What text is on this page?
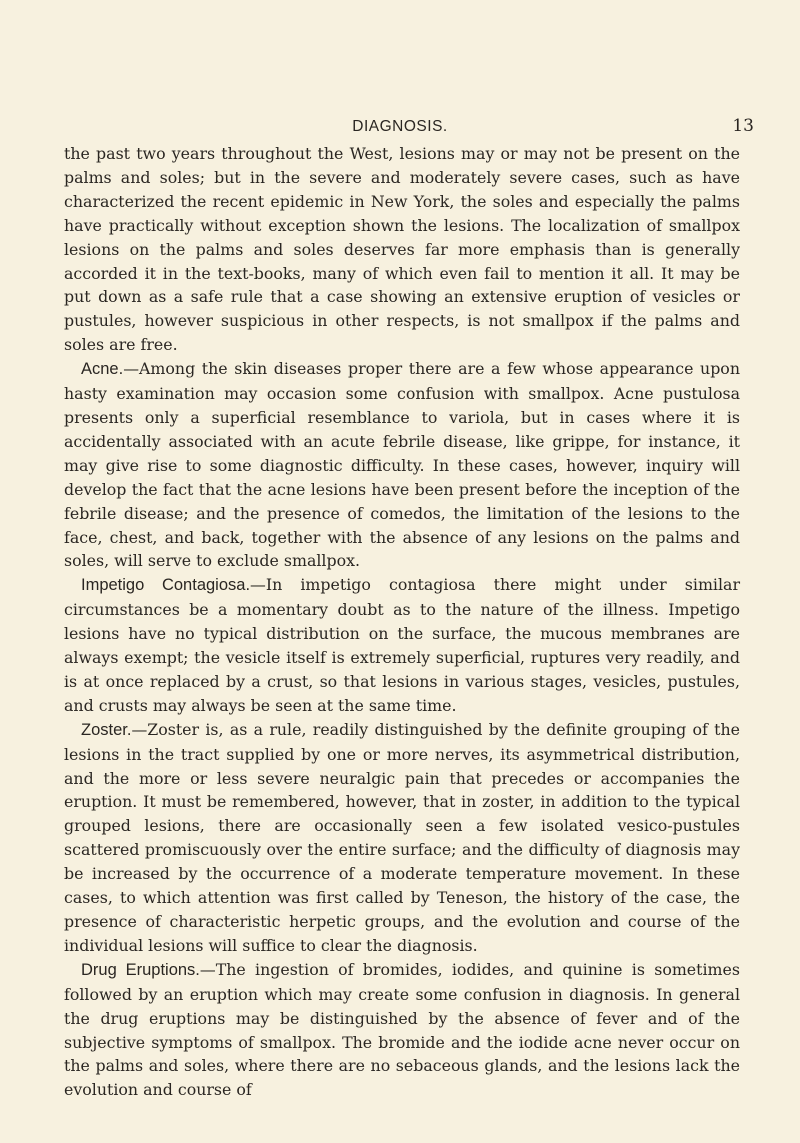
DIAGNOSIS.	13

the past two years throughout the West, lesions may or may not be present on the palms and soles; but in the severe and moderately severe cases, such as have characterized the recent epidemic in New York, the soles and especially the palms have practically without exception shown the lesions. The localization of smallpox lesions on the palms and soles deserves far more emphasis than is generally accorded it in the text-books, many of which even fail to mention it all. It may be put down as a safe rule that a case showing an extensive eruption of vesicles or pustules, however suspicious in other respects, is not smallpox if the palms and soles are free.

Acne.—Among the skin diseases proper there are a few whose appearance upon hasty examination may occasion some confusion with smallpox. Acne pustulosa presents only a superficial resemblance to variola, but in cases where it is accidentally associated with an acute febrile disease, like grippe, for instance, it may give rise to some diagnostic difficulty. In these cases, however, inquiry will develop the fact that the acne lesions have been present before the inception of the febrile disease; and the presence of comedos, the limitation of the lesions to the face, chest, and back, together with the absence of any lesions on the palms and soles, will serve to exclude smallpox.

Impetigo Contagiosa.—In impetigo contagiosa there might under similar circumstances be a momentary doubt as to the nature of the illness. Impetigo lesions have no typical distribution on the surface, the mucous membranes are always exempt; the vesicle itself is extremely superficial, ruptures very readily, and is at once replaced by a crust, so that lesions in various stages, vesicles, pustules, and crusts may always be seen at the same time.

Zoster.—Zoster is, as a rule, readily distinguished by the definite grouping of the lesions in the tract supplied by one or more nerves, its asymmetrical distribution, and the more or less severe neuralgic pain that precedes or accompanies the eruption. It must be remembered, however, that in zoster, in addition to the typical grouped lesions, there are occasionally seen a few isolated vesico-pustules scattered promiscuously over the entire surface; and the difficulty of diagnosis may be increased by the occurrence of a moderate temperature movement. In these cases, to which attention was first called by Teneson, the history of the case, the presence of characteristic herpetic groups, and the evolution and course of the individual lesions will suffice to clear the diagnosis.

Drug Eruptions.—The ingestion of bromides, iodides, and quinine is sometimes followed by an eruption which may create some confusion in diagnosis. In general the drug eruptions may be distinguished by the absence of fever and of the subjective symptoms of smallpox. The bromide and the iodide acne never occur on the palms and soles, where there are no sebaceous glands, and the lesions lack the evolution and course of
